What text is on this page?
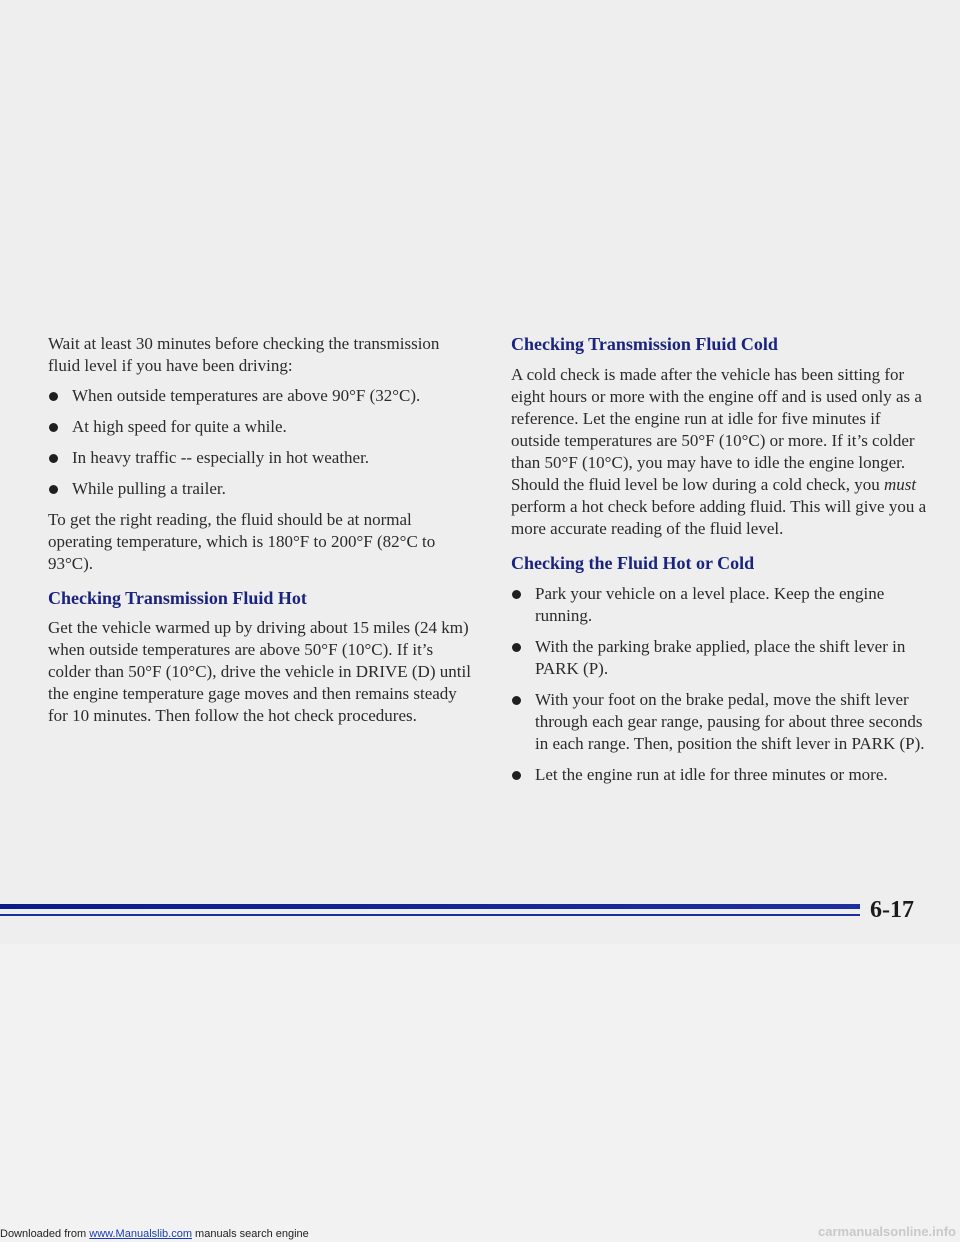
Wait at least 30 minutes before checking the transmission fluid level if you have been driving:

When outside temperatures are above 90°F (32°C).
At high speed for quite a while.
In heavy traffic -- especially in hot weather.
While pulling a trailer.

To get the right reading, the fluid should be at normal operating temperature, which is 180°F to 200°F (82°C to 93°C).

Checking Transmission Fluid Hot

Get the vehicle warmed up by driving about 15 miles (24 km) when outside temperatures are above 50°F (10°C). If it’s colder than 50°F (10°C), drive the vehicle in DRIVE (D) until the engine temperature gage moves and then remains steady for 10 minutes. Then follow the hot check procedures.

Checking Transmission Fluid Cold

A cold check is made after the vehicle has been sitting for eight hours or more with the engine off and is used only as a reference. Let the engine run at idle for five minutes if outside temperatures are 50°F (10°C) or more. If it’s colder than 50°F (10°C), you may have to idle the engine longer. Should the fluid level be low during a cold check, you must perform a hot check before adding fluid. This will give you a more accurate reading of the fluid level.

Checking the Fluid Hot or Cold
Park your vehicle on a level place. Keep the engine running.
With the parking brake applied, place the shift lever in PARK (P).
With your foot on the brake pedal, move the shift lever through each gear range, pausing for about three seconds in each range. Then, position the shift lever in PARK (P).
Let the engine run at idle for three minutes or more.
6-17
Downloaded from www.Manualslib.com manuals search engine	carmanualsonline.info
